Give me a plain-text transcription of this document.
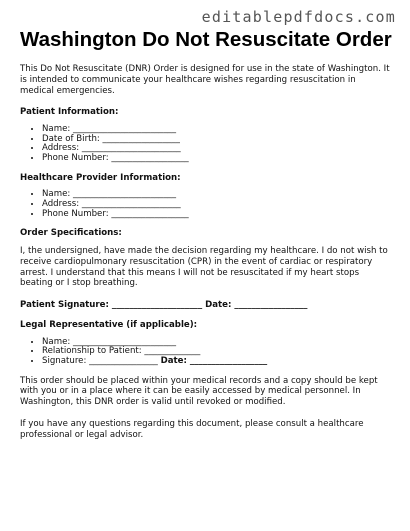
editablepdfdocs.com
Washington Do Not Resuscitate Order

This Do Not Resuscitate (DNR) Order is designed for use in the state of Washington. It is intended to communicate your healthcare wishes regarding resuscitation in medical emergencies.

Patient Information:
• Name: ________________________
• Date of Birth: __________________
• Address: _______________________
• Phone Number: __________________
Healthcare Provider Information:
• Name: ________________________
• Address: _______________________
• Phone Number: __________________
Order Specifications:

I, the undersigned, have made the decision regarding my healthcare. I do not wish to receive cardiopulmonary resuscitation (CPR) in the event of cardiac or respiratory arrest. I understand that this means I will not be resuscitated if my heart stops beating or I stop breathing.

Patient Signature: _____________________ Date: _________________
Legal Representative (if applicable):
• Name: ________________________
• Relationship to Patient: _____________
• Signature: ________________ Date: __________________

This order should be placed within your medical records and a copy should be kept with you or in a place where it can be easily accessed by medical personnel. In Washington, this DNR order is valid until revoked or modified.

If you have any questions regarding this document, please consult a healthcare professional or legal advisor.
